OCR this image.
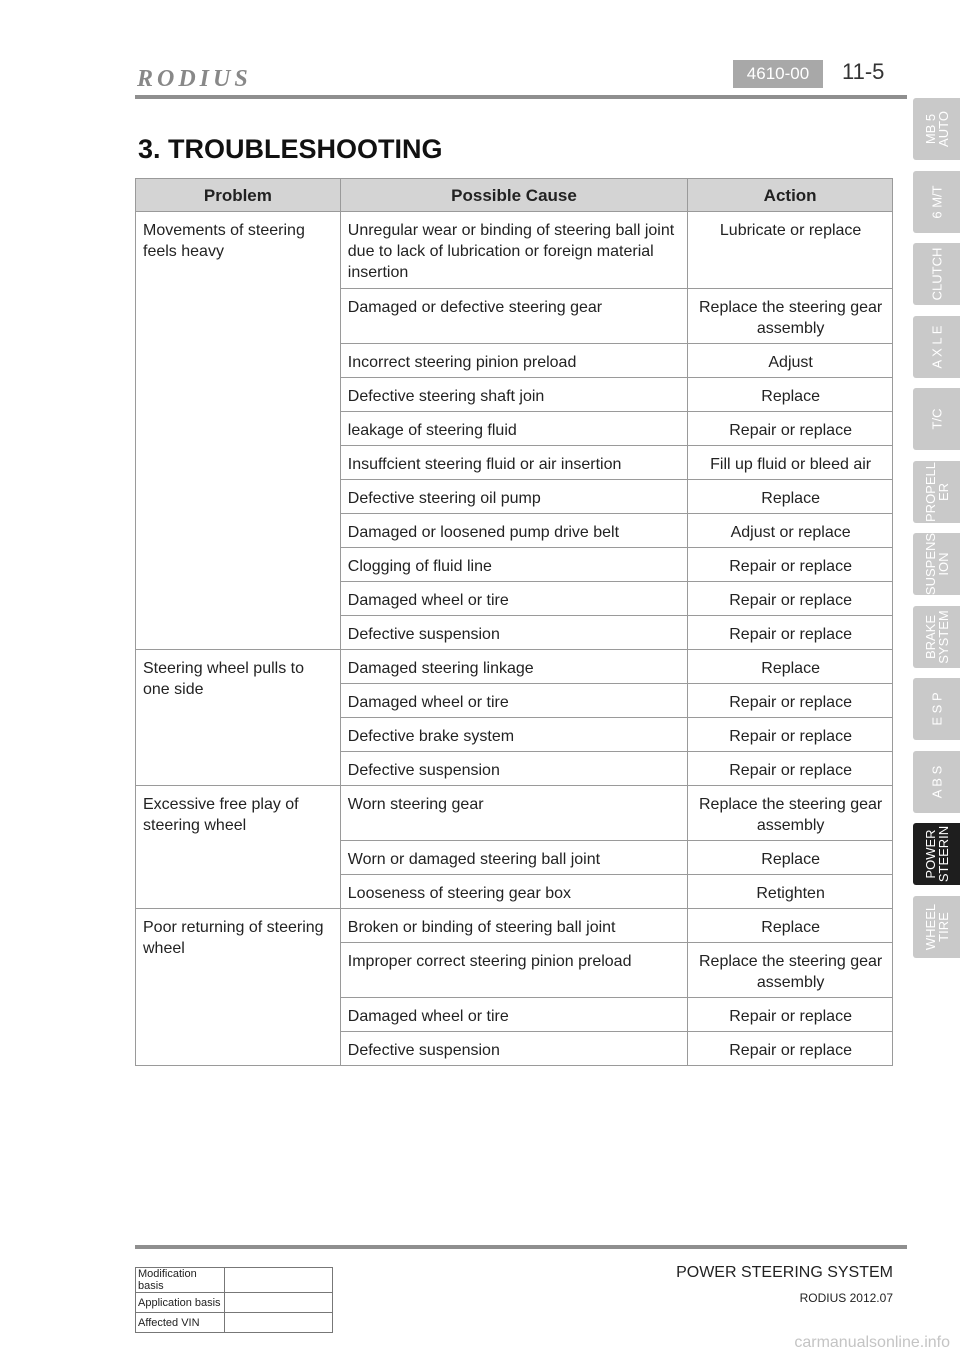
RODIUS	4610-00	11-5
3. TROUBLESHOOTING
Problem	Possible Cause	Action
Movements of steering feels heavy	Unregular wear or binding of steering ball joint due to lack of lubrication or foreign material insertion	Lubricate or replace
	Damaged or defective steering gear	Replace the steering gear assembly
	Incorrect steering pinion preload	Adjust
	Defective steering shaft join	Replace
	leakage of steering fluid	Repair or replace
	Insuffcient steering fluid or air insertion	Fill up fluid or bleed air
	Defective steering oil pump	Replace
	Damaged or loosened pump drive belt	Adjust or replace
	Clogging of fluid line	Repair or replace
	Damaged wheel or tire	Repair or replace
	Defective suspension	Repair or replace
Steering wheel pulls to one side	Damaged steering linkage	Replace
	Damaged wheel or tire	Repair or replace
	Defective brake system	Repair or replace
	Defective suspension	Repair or replace
Excessive free play of steering wheel	Worn steering gear	Replace the steering gear assembly
	Worn or damaged steering ball joint	Replace
	Looseness of steering gear box	Retighten
Poor returning of steering wheel	Broken or binding of steering ball joint	Replace
	Improper correct steering pinion preload	Replace the steering gear assembly
	Damaged wheel or tire	Repair or replace
	Defective suspension	Repair or replace
MB 5
AUTO
6 M/T
CLUTCH
A X L E
T/C
PROPELL
ER
SUSPENS
ION
BRAKE
SYSTEM
E S P
A B S
POWER
STEERIN
WHEEL
TIRE
Modification basis	
Application basis	
Affected VIN	
POWER STEERING SYSTEM
RODIUS 2012.07
carmanualsonline.info
